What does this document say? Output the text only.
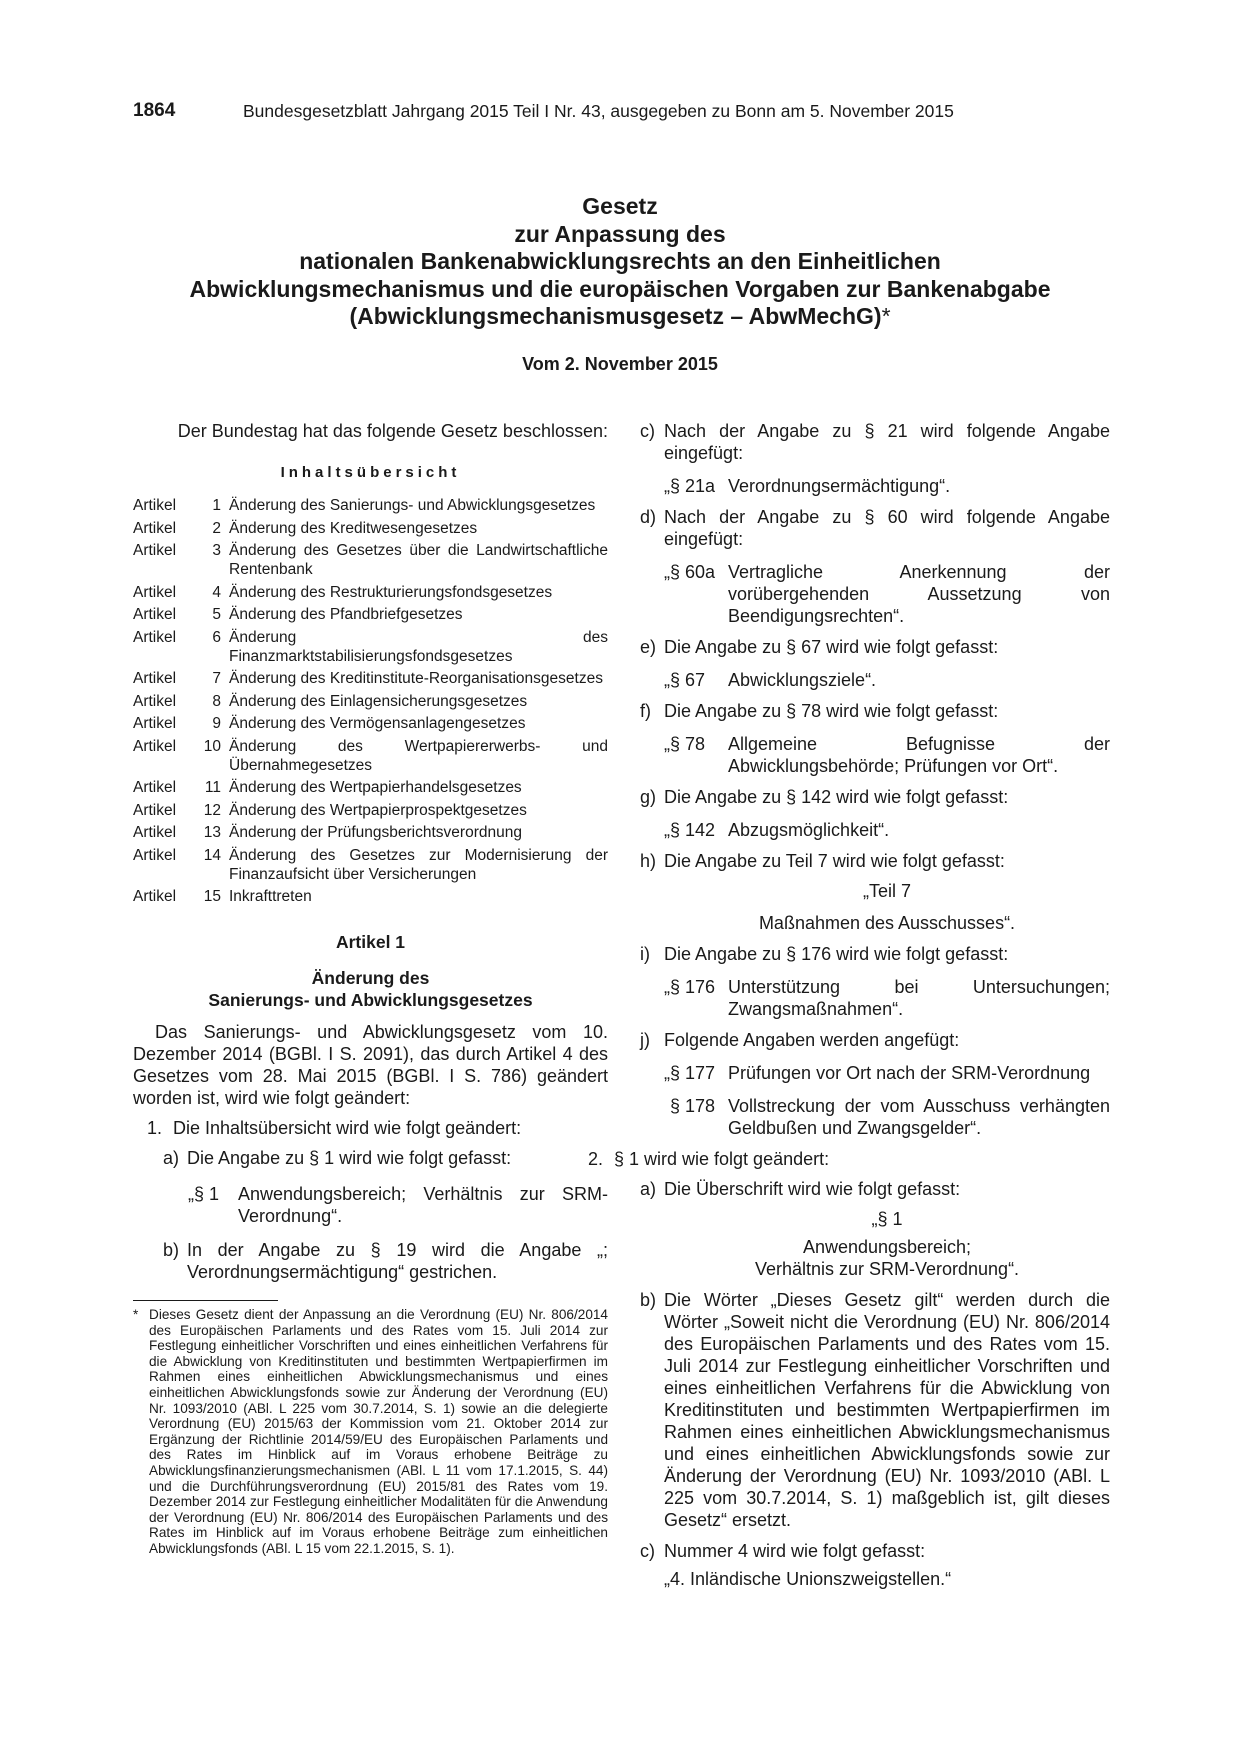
1864	Bundesgesetzblatt Jahrgang 2015 Teil I Nr. 43, ausgegeben zu Bonn am 5. November 2015
Gesetz
zur Anpassung des
nationalen Bankenabwicklungsrechts an den Einheitlichen
Abwicklungsmechanismus und die europäischen Vorgaben zur Bankenabgabe
(Abwicklungsmechanismusgesetz – AbwMechG)*
Vom 2. November 2015

Der Bundestag hat das folgende Gesetz beschlossen:

Inhaltsübersicht
Artikel	1 Änderung des Sanierungs- und Abwicklungsgesetzes
Artikel	2 Änderung des Kreditwesengesetzes
Artikel	3 Änderung des Gesetzes über die Landwirtschaftliche Rentenbank
Artikel	4 Änderung des Restrukturierungsfondsgesetzes
Artikel	5 Änderung des Pfandbriefgesetzes
Artikel	6 Änderung des Finanzmarktstabilisierungsfondsgesetzes
Artikel	7 Änderung des Kreditinstitute-Reorganisationsgesetzes
Artikel	8 Änderung des Einlagensicherungsgesetzes
Artikel	9 Änderung des Vermögensanlagengesetzes
Artikel	10 Änderung des Wertpapiererwerbs- und Übernahmegesetzes
Artikel	11 Änderung des Wertpapierhandelsgesetzes
Artikel	12 Änderung des Wertpapierprospektgesetzes
Artikel	13 Änderung der Prüfungsberichtsverordnung
Artikel	14 Änderung des Gesetzes zur Modernisierung der Finanzaufsicht über Versicherungen
Artikel	15 Inkrafttreten
Artikel 1
Änderung des
Sanierungs- und Abwicklungsgesetzes

Das Sanierungs- und Abwicklungsgesetz vom 10. Dezember 2014 (BGBl. I S. 2091), das durch Artikel 4 des Gesetzes vom 28. Mai 2015 (BGBl. I S. 786) geändert worden ist, wird wie folgt geändert:

1. Die Inhaltsübersicht wird wie folgt geändert:
a) Die Angabe zu § 1 wird wie folgt gefasst:
„§ 1	Anwendungsbereich; Verhältnis zur SRM-Verordnung“.
b) In der Angabe zu § 19 wird die Angabe „; Verordnungsermächtigung“ gestrichen.
* Dieses Gesetz dient der Anpassung an die Verordnung (EU) Nr. 806/2014 des Europäischen Parlaments und des Rates vom 15. Juli 2014 zur Festlegung einheitlicher Vorschriften und eines einheitlichen Verfahrens für die Abwicklung von Kreditinstituten und bestimmten Wertpapierfirmen im Rahmen eines einheitlichen Abwicklungsmechanismus und eines einheitlichen Abwicklungsfonds sowie zur Änderung der Verordnung (EU) Nr. 1093/2010 (ABl. L 225 vom 30.7.2014, S. 1) sowie an die delegierte Verordnung (EU) 2015/63 der Kommission vom 21. Oktober 2014 zur Ergänzung der Richtlinie 2014/59/EU des Europäischen Parlaments und des Rates im Hinblick auf im Voraus erhobene Beiträge zu Abwicklungsfinanzierungsmechanismen (ABl. L 11 vom 17.1.2015, S. 44) und die Durchführungsverordnung (EU) 2015/81 des Rates vom 19. Dezember 2014 zur Festlegung einheitlicher Modalitäten für die Anwendung der Verordnung (EU) Nr. 806/2014 des Europäischen Parlaments und des Rates im Hinblick auf im Voraus erhobene Beiträge zum einheitlichen Abwicklungsfonds (ABl. L 15 vom 22.1.2015, S. 1).
c) Nach der Angabe zu § 21 wird folgende Angabe eingefügt:
„§ 21a Verordnungsermächtigung“.
d) Nach der Angabe zu § 60 wird folgende Angabe eingefügt:
„§ 60a Vertragliche Anerkennung der vorübergehenden Aussetzung von Beendigungsrechten“.
e) Die Angabe zu § 67 wird wie folgt gefasst:
„§ 67	Abwicklungsziele“.
f) Die Angabe zu § 78 wird wie folgt gefasst:
„§ 78	Allgemeine Befugnisse der Abwicklungsbehörde; Prüfungen vor Ort“.
g) Die Angabe zu § 142 wird wie folgt gefasst:
„§ 142 Abzugsmöglichkeit“.
h) Die Angabe zu Teil 7 wird wie folgt gefasst:
„Teil 7
Maßnahmen des Ausschusses“.
i) Die Angabe zu § 176 wird wie folgt gefasst:
„§ 176 Unterstützung bei Untersuchungen; Zwangsmaßnahmen“.
j) Folgende Angaben werden angefügt:
„§ 177 Prüfungen vor Ort nach der SRM-Verordnung
§ 178 Vollstreckung der vom Ausschuss verhängten Geldbußen und Zwangsgelder“.
2. § 1 wird wie folgt geändert:
a) Die Überschrift wird wie folgt gefasst:
„§ 1
Anwendungsbereich;
Verhältnis zur SRM-Verordnung“.
b) Die Wörter „Dieses Gesetz gilt“ werden durch die Wörter „Soweit nicht die Verordnung (EU) Nr. 806/2014 des Europäischen Parlaments und des Rates vom 15. Juli 2014 zur Festlegung einheitlicher Vorschriften und eines einheitlichen Verfahrens für die Abwicklung von Kreditinstituten und bestimmten Wertpapierfirmen im Rahmen eines einheitlichen Abwicklungsmechanismus und eines einheitlichen Abwicklungsfonds sowie zur Änderung der Verordnung (EU) Nr. 1093/2010 (ABl. L 225 vom 30.7.2014, S. 1) maßgeblich ist, gilt dieses Gesetz“ ersetzt.
c) Nummer 4 wird wie folgt gefasst:
„4. Inländische Unionszweigstellen.“
